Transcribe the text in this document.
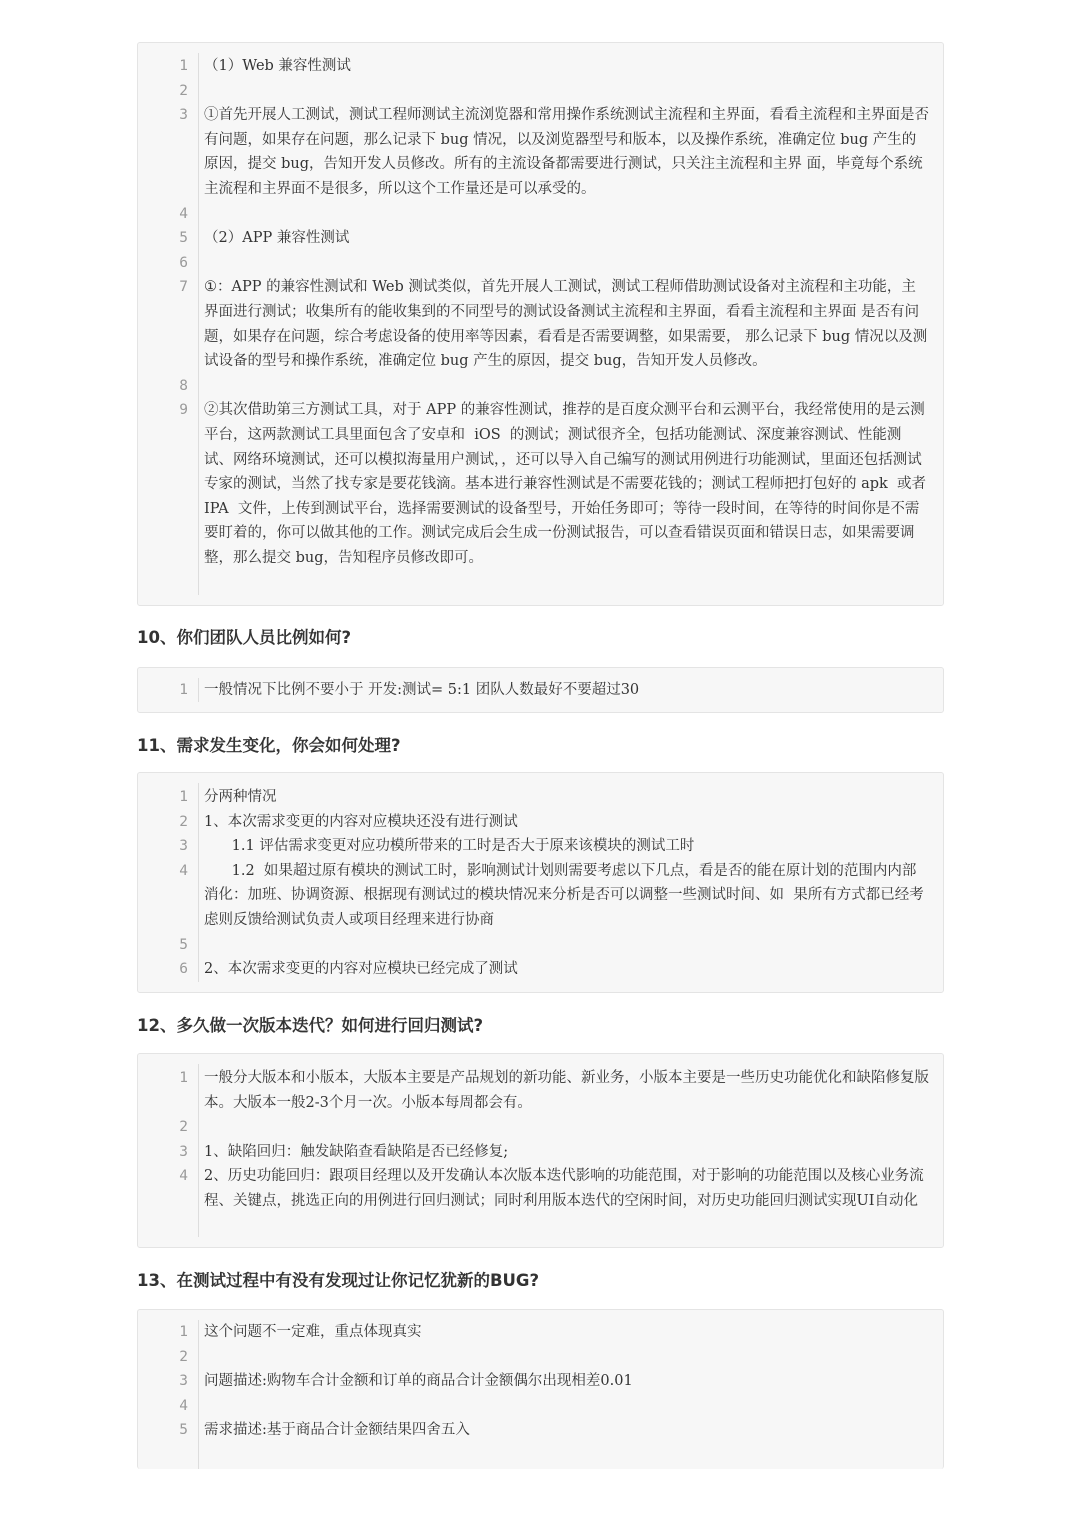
1 （1）Web 兼容性测试
2
3 ①首先开展人工测试，测试工程师测试主流浏览器和常用操作系统测试主流程和主界面，看看主流程和主界面是否有问题，如果存在问题，那么记录下 bug 情况，以及浏览器型号和版本，以及操作系统，准确定位 bug 产生的原因，提交 bug，告知开发人员修改。所有的主流设备都需要进行测试，只关注主流程和主界 面，毕竟每个系统主流程和主界面不是很多，所以这个工作量还是可以承受的。
4
5 （2）APP 兼容性测试
6
7 ①：APP 的兼容性测试和 Web 测试类似，首先开展人工测试，测试工程师借助测试设备对主流程和主功能，主界面进行测试；收集所有的能收集到的不同型号的测试设备测试主流程和主界面，看看主流程和主界面 是否有问题，如果存在问题，综合考虑设备的使用率等因素，看看是否需要调整，如果需要， 那么记录下 bug 情况以及测试设备的型号和操作系统，准确定位 bug 产生的原因，提交 bug，告知开发人员修改。
8
9 ②其次借助第三方测试工具，对于 APP 的兼容性测试，推荐的是百度众测平台和云测平台，我经常使用的是云测平台，这两款测试工具里面包含了安卓和  iOS  的测试；测试很齐全，包括功能测试、深度兼容测试、性能测试、网络环境测试，还可以模拟海量用户测试，，还可以导入自己编写的测试用例进行功能测试，里面还包括测试专家的测试，当然了找专家是要花钱滴。基本进行兼容性测试是不需要花钱的；测试工程师把打包好的 apk  或者  IPA  文件，上传到测试平台，选择需要测试的设备型号，开始任务即可；等待一段时间，在等待的时间你是不需要盯着的，你可以做其他的工作。测试完成后会生成一份测试报告，可以查看错误页面和错误日志，如果需要调整，那么提交 bug，告知程序员修改即可。
10、你们团队人员比例如何?
1 一般情况下比例不要小于 开发:测试= 5:1 团队人数最好不要超过30
11、需求发生变化，你会如何处理?
1 分两种情况
2 1、本次需求变更的内容对应模块还没有进行测试
3 1.1 评估需求变更对应功模所带来的工时是否大于原来该模块的测试工时
4 1.2  如果超过原有模块的测试工时，影响测试计划则需要考虑以下几点，看是否的能在原计划的范围内内部消化：加班、协调资源、根据现有测试过的模块情况来分析是否可以调整一些测试时间、如  果所有方式都已经考虑则反馈给测试负责人或项目经理来进行协商
5
6 2、本次需求变更的内容对应模块已经完成了测试
12、多久做一次版本迭代？如何进行回归测试?
1 一般分大版本和小版本，大版本主要是产品规划的新功能、新业务，小版本主要是一些历史功能优化和缺陷修复版本。大版本一般2-3个月一次。小版本每周都会有。
2
3 1、缺陷回归：触发缺陷查看缺陷是否已经修复;
4 2、历史功能回归：跟项目经理以及开发确认本次版本迭代影响的功能范围，对于影响的功能范围以及核心业务流程、关键点，挑选正向的用例进行回归测试；同时利用版本迭代的空闲时间，对历史功能回归测试实现UI自动化
13、在测试过程中有没有发现过让你记忆犹新的BUG?
1 这个问题不一定难，重点体现真实
2
3 问题描述:购物车合计金额和订单的商品合计金额偶尔出现相差0.01
4
5 需求描述:基于商品合计金额结果四舍五入
